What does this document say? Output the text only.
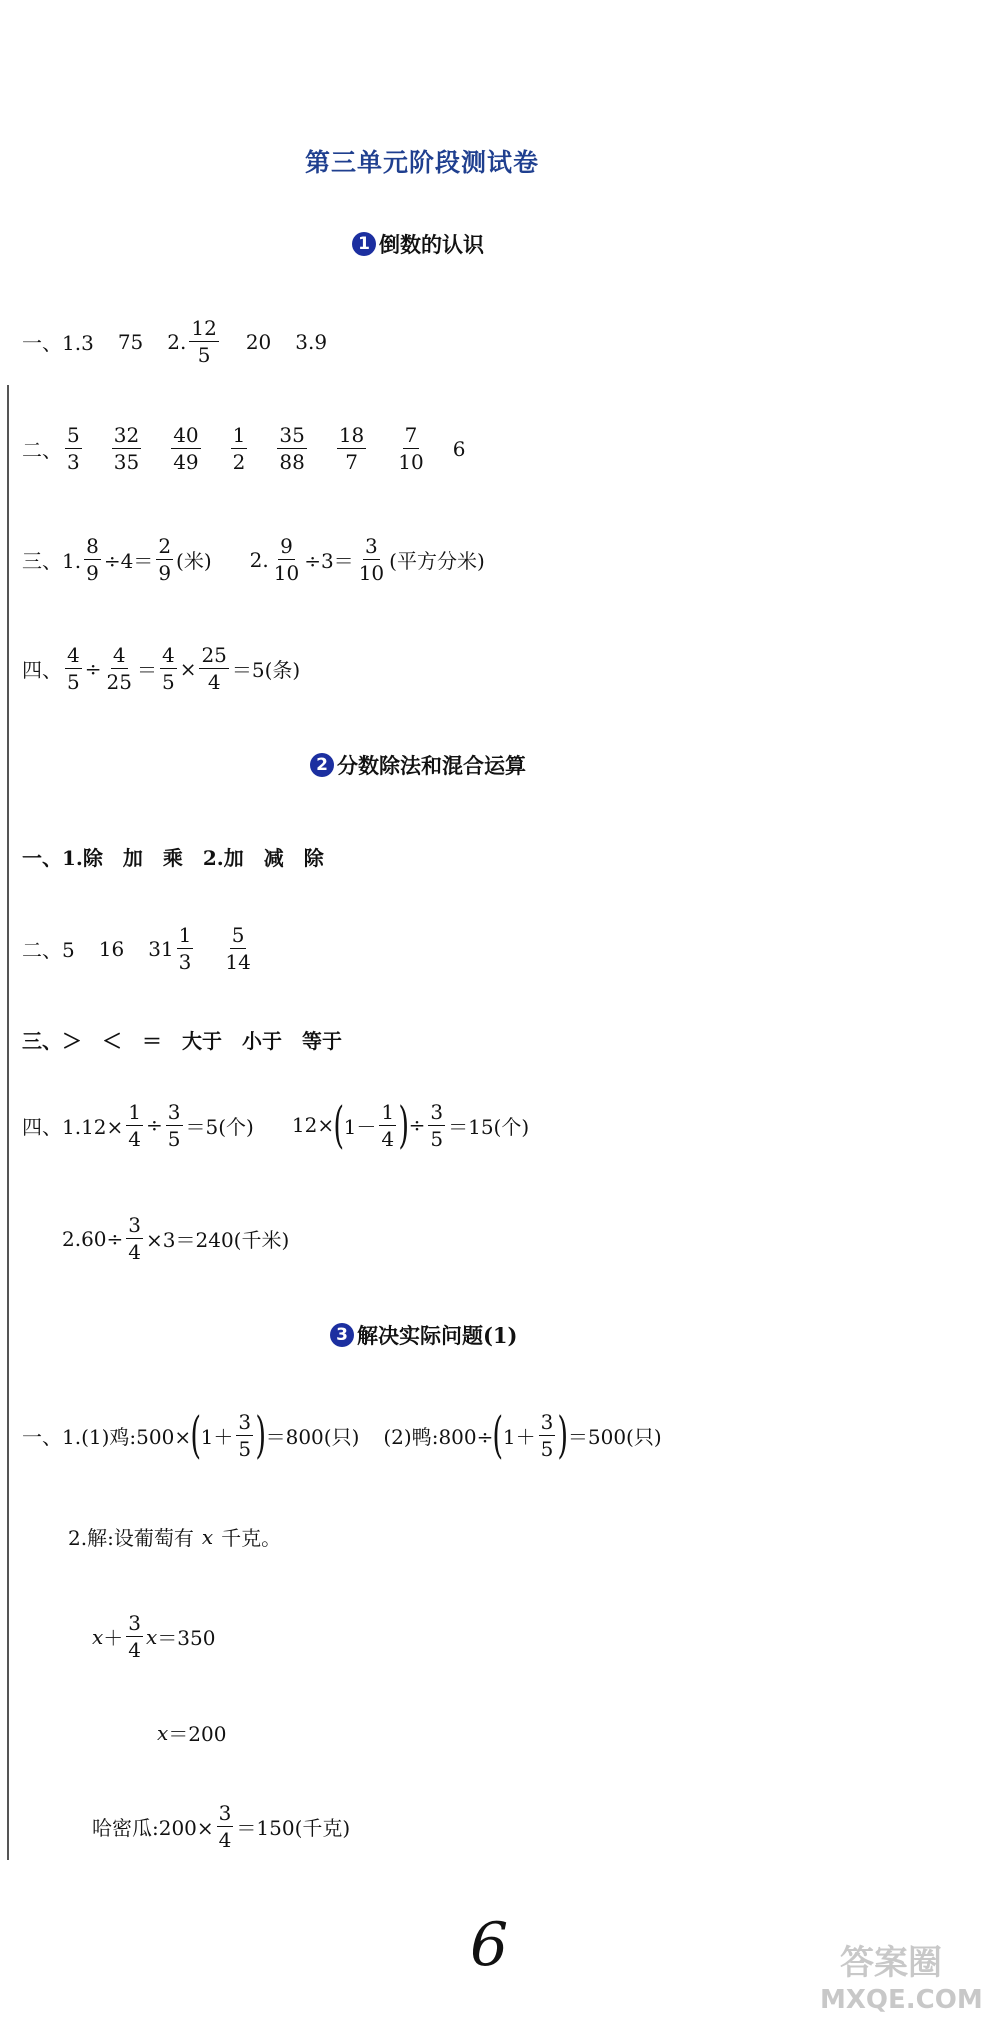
第三单元阶段测试卷
1 倒数的认识
一、1.3 75 2. $\frac{12}{5} 20$ 3.9
二、 $\frac{5}{3} \frac{32}{35} \frac{40}{49} \frac{1}{2} \frac{35}{88} \frac{18}{7} \frac{7}{10} 6$
三、1. $\frac{8}{9} \div 4= \frac{2}{9}$ (米) 2. $\frac{9}{10} \div 3= \frac{3}{10}$ (平方分米)
四、 $\frac{4}{5} \div \frac{4}{25} = \frac{4}{5} \times \frac{25}{4} =5$(条)
2 分数除法和混合运算
一、1.除　加　乘　2.加　减　除
二、5 16 $31 \frac{1}{3} \frac{5}{14}$
三、＞　＜　＝　大于　小于　等于
四、$1.12\times \frac{1}{4} \div \frac{3}{5} =5$(个) 12× ( $1- \frac{1}{4}$ ) ÷ $\frac{3}{5} =15$(个)
$2.60\div \frac{3}{4} \times 3=240$(千米)
3 解决实际问题(1)
一、1.(1)鸡:500× ( $1+ \frac{3}{5}$ ) ＝800(只) (2)鸭:800÷ ( $1+ \frac{3}{5}$ ) ＝500(只)
2.解:设葡萄有 x 千克。
$x + \frac{3}{4}$ x ＝350
x ＝200
哈密瓜:200× $\frac{3}{4} =150$(千克)
6	答案圈
MXQE.COM
